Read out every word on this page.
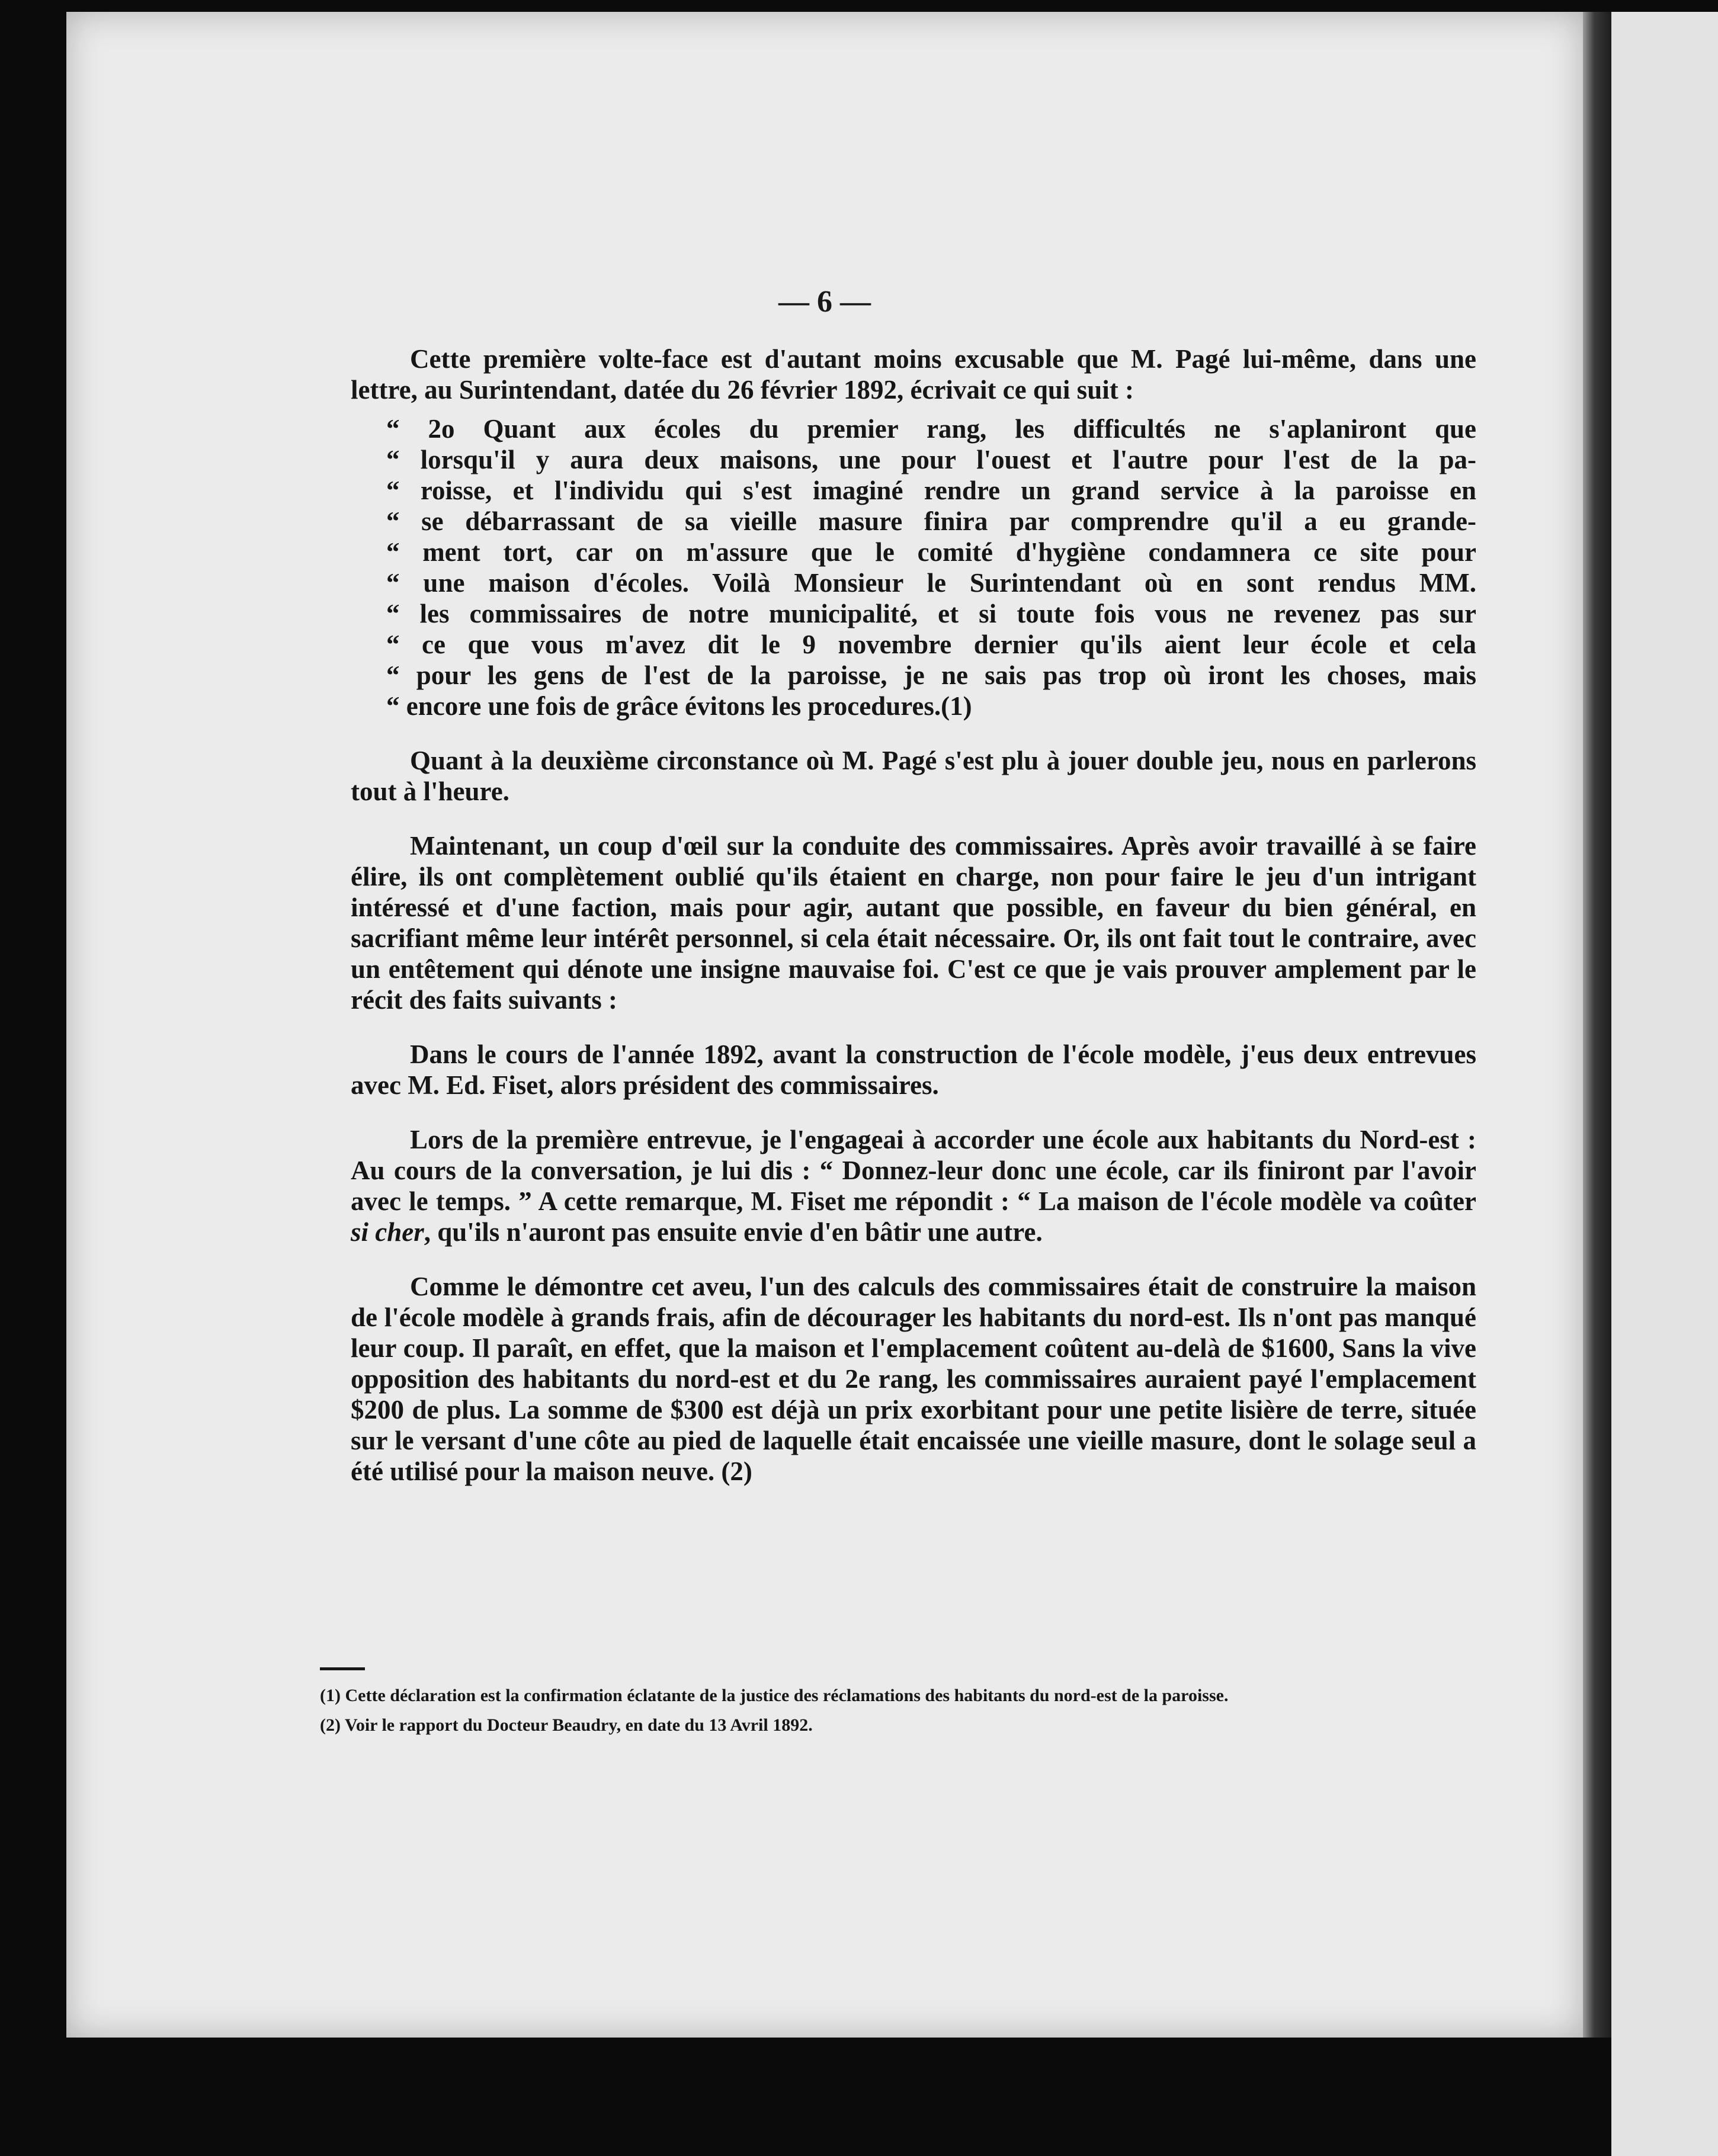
— 6 —

Cette première volte-face est d'autant moins excusable que M. Pagé lui-même, dans une lettre, au Surintendant, datée du 26 février 1892, écrivait ce qui suit :

“ 2o Quant aux écoles du premier rang, les difficultés ne s'aplaniront que

“ lorsqu'il y aura deux maisons, une pour l'ouest et l'autre pour l'est de la pa-

“ roisse, et l'individu qui s'est imaginé rendre un grand service à la paroisse en

“ se débarrassant de sa vieille masure finira par comprendre qu'il a eu grande-

“ ment tort, car on m'assure que le comité d'hygiène condamnera ce site pour

“ une maison d'écoles. Voilà Monsieur le Surintendant où en sont rendus MM.

“ les commissaires de notre municipalité, et si toute fois vous ne revenez pas sur

“ ce que vous m'avez dit le 9 novembre dernier qu'ils aient leur école et cela

“ pour les gens de l'est de la paroisse, je ne sais pas trop où iront les choses, mais

“ encore une fois de grâce évitons les procedures.(1)

Quant à la deuxième circonstance où M. Pagé s'est plu à jouer double jeu, nous en parlerons tout à l'heure.

Maintenant, un coup d'œil sur la conduite des commissaires. Après avoir travaillé à se faire élire, ils ont complètement oublié qu'ils étaient en charge, non pour faire le jeu d'un intrigant intéressé et d'une faction, mais pour agir, autant que possible, en faveur du bien général, en sacrifiant même leur intérêt personnel, si cela était nécessaire. Or, ils ont fait tout le contraire, avec un entêtement qui dénote une insigne mauvaise foi. C'est ce que je vais prouver amplement par le récit des faits suivants :

Dans le cours de l'année 1892, avant la construction de l'école modèle, j'eus deux entrevues avec M. Ed. Fiset, alors président des commissaires.

Lors de la première entrevue, je l'engageai à accorder une école aux habitants du Nord-est : Au cours de la conversation, je lui dis : “ Donnez-leur donc une école, car ils finiront par l'avoir avec le temps. ” A cette remarque, M. Fiset me répondit : “ La maison de l'école modèle va coûter si cher, qu'ils n'auront pas ensuite envie d'en bâtir une autre.

Comme le démontre cet aveu, l'un des calculs des commissaires était de construire la maison de l'école modèle à grands frais, afin de décourager les habitants du nord-est. Ils n'ont pas manqué leur coup. Il paraît, en effet, que la maison et l'emplacement coûtent au-delà de $1600, Sans la vive opposition des habitants du nord-est et du 2e rang, les commissaires auraient payé l'emplacement $200 de plus. La somme de $300 est déjà un prix exorbitant pour une petite lisière de terre, située sur le versant d'une côte au pied de laquelle était encaissée une vieille masure, dont le solage seul a été utilisé pour la maison neuve. (2)

(1) Cette déclaration est la confirmation éclatante de la justice des réclamations des habitants du nord-est de la paroisse.

(2) Voir le rapport du Docteur Beaudry, en date du 13 Avril 1892.
